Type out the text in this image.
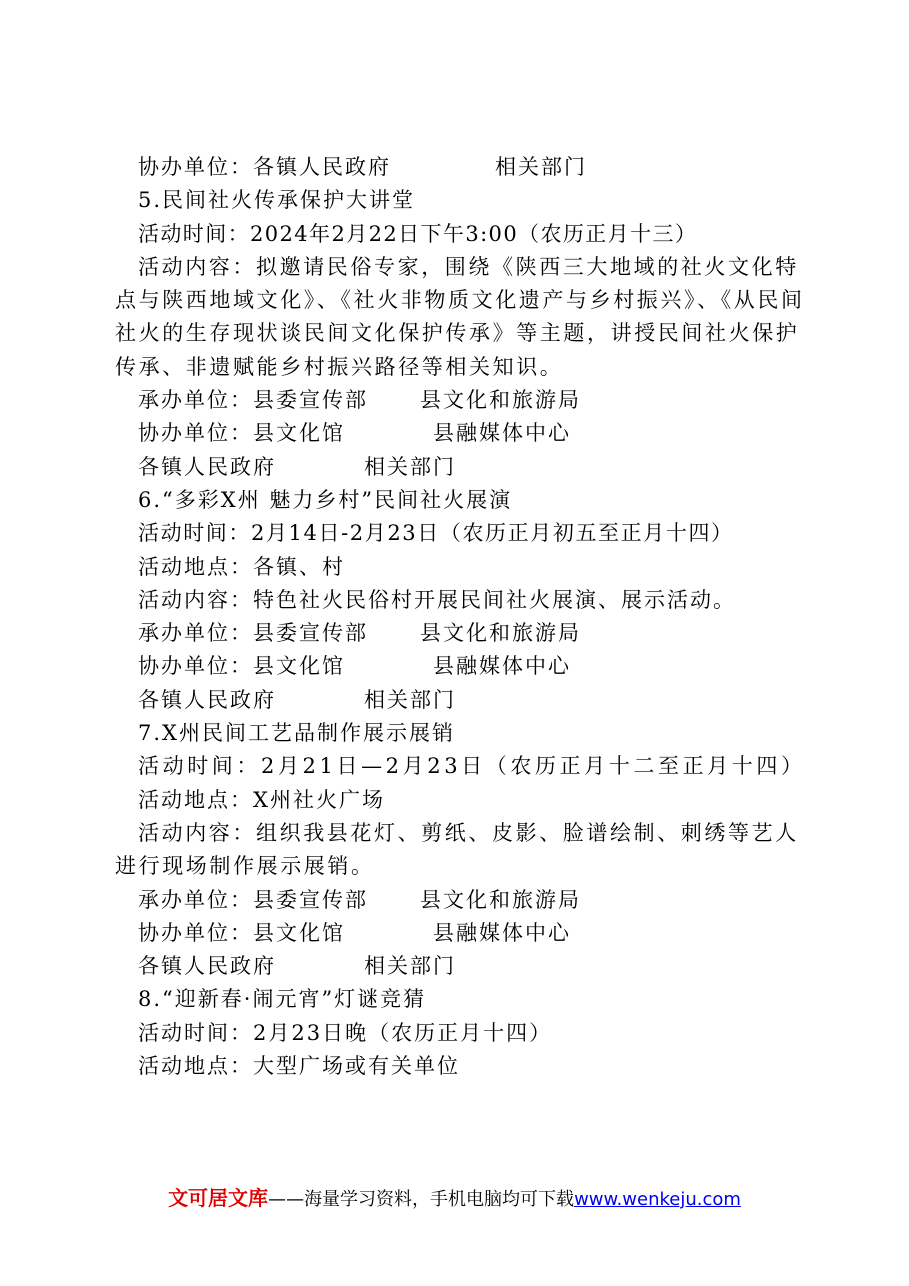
协办单位：各镇人民政府	相关部门
5.民间社火传承保护大讲堂
活动时间：2024年2月22日下午3:00（农历正月十三）
活动内容：拟邀请民俗专家，围绕《陕西三大地域的社火文化特点与陕西地域文化》、《社火非物质文化遗产与乡村振兴》、《从民间社火的生存现状谈民间文化保护传承》等主题，讲授民间社火保护传承、非遗赋能乡村振兴路径等相关知识。
承办单位：县委宣传部 县文化和旅游局
协办单位：县文化馆	县融媒体中心
各镇人民政府	相关部门
6.“多彩X州 魅力乡村”民间社火展演
活动时间：2月14日-2月23日（农历正月初五至正月十四）
活动地点：各镇、村
活动内容：特色社火民俗村开展民间社火展演、展示活动。
承办单位：县委宣传部 县文化和旅游局
协办单位：县文化馆	县融媒体中心
各镇人民政府	相关部门
7.X州民间工艺品制作展示展销
活动时间：2月21日—2月23日（农历正月十二至正月十四）
活动地点：X州社火广场
活动内容：组织我县花灯、剪纸、皮影、脸谱绘制、刺绣等艺人进行现场制作展示展销。
承办单位：县委宣传部 县文化和旅游局
协办单位：县文化馆	县融媒体中心
各镇人民政府	相关部门
8.“迎新春·闹元宵”灯谜竞猜
活动时间：2月23日晚（农历正月十四）
活动地点：大型广场或有关单位
文可居文库——海量学习资料，手机电脑均可下载www.wenkeju.com
